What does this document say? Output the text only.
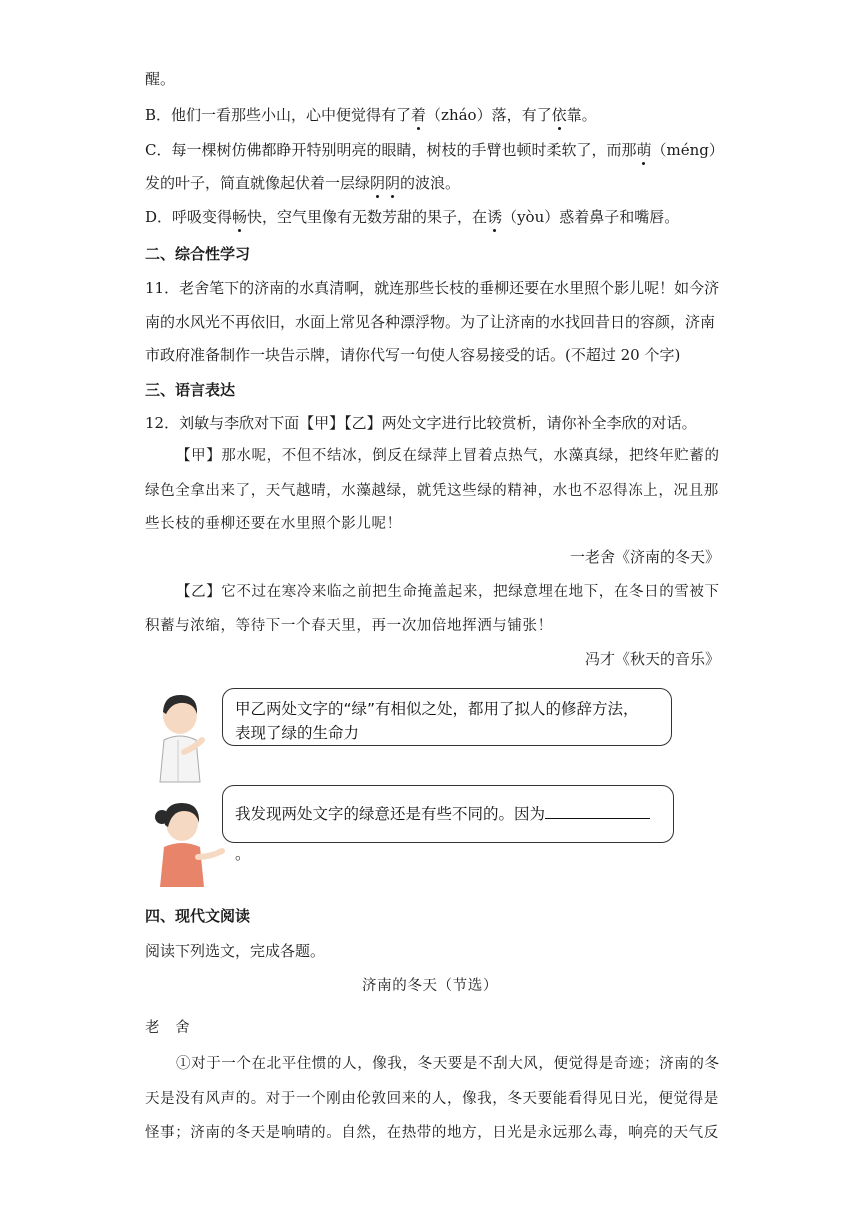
醒。
B．他们一看那些小山，心中便觉得有了着（zháo）落，有了依靠。
C．每一棵树仿佛都睁开特别明亮的眼睛，树枝的手臂也顿时柔软了，而那萌（méng）
发的叶子，简直就像起伏着一层绿阴阴的波浪。
D．呼吸变得畅快，空气里像有无数芳甜的果子，在诱（yòu）惑着鼻子和嘴唇。
二、综合性学习
11．老舍笔下的济南的水真清啊，就连那些长枝的垂柳还要在水里照个影儿呢！如今济
南的水风光不再依旧，水面上常见各种漂浮物。为了让济南的水找回昔日的容颜，济南
市政府准备制作一块告示牌，请你代写一句使人容易接受的话。(不超过 20 个字)
三、语言表达
12．刘敏与李欣对下面【甲】【乙】两处文字进行比较赏析，请你补全李欣的对话。
【甲】那水呢，不但不结冰，倒反在绿萍上冒着点热气，水藻真绿，把终年贮蓄的
绿色全拿出来了，天气越晴，水藻越绿，就凭这些绿的精神，水也不忍得冻上，况且那
些长枝的垂柳还要在水里照个影儿呢！
一老舍《济南的冬天》
【乙】它不过在寒冷来临之前把生命掩盖起来，把绿意埋在地下，在冬日的雪被下
积蓄与浓缩，等待下一个春天里，再一次加倍地挥洒与铺张！
冯才《秋天的音乐》
甲乙两处文字的“绿”有相似之处，都用了拟人的修辞方法，
表现了绿的生命力
我发现两处文字的绿意还是有些不同的。因为。
四、现代文阅读
阅读下列选文，完成各题。
济南的冬天（节选）
老　舍
①对于一个在北平住惯的人，像我，冬天要是不刮大风，便觉得是奇迹；济南的冬
天是没有风声的。对于一个刚由伦敦回来的人，像我，冬天要能看得见日光，便觉得是
怪事；济南的冬天是响晴的。自然，在热带的地方，日光是永远那么毒，响亮的天气反
